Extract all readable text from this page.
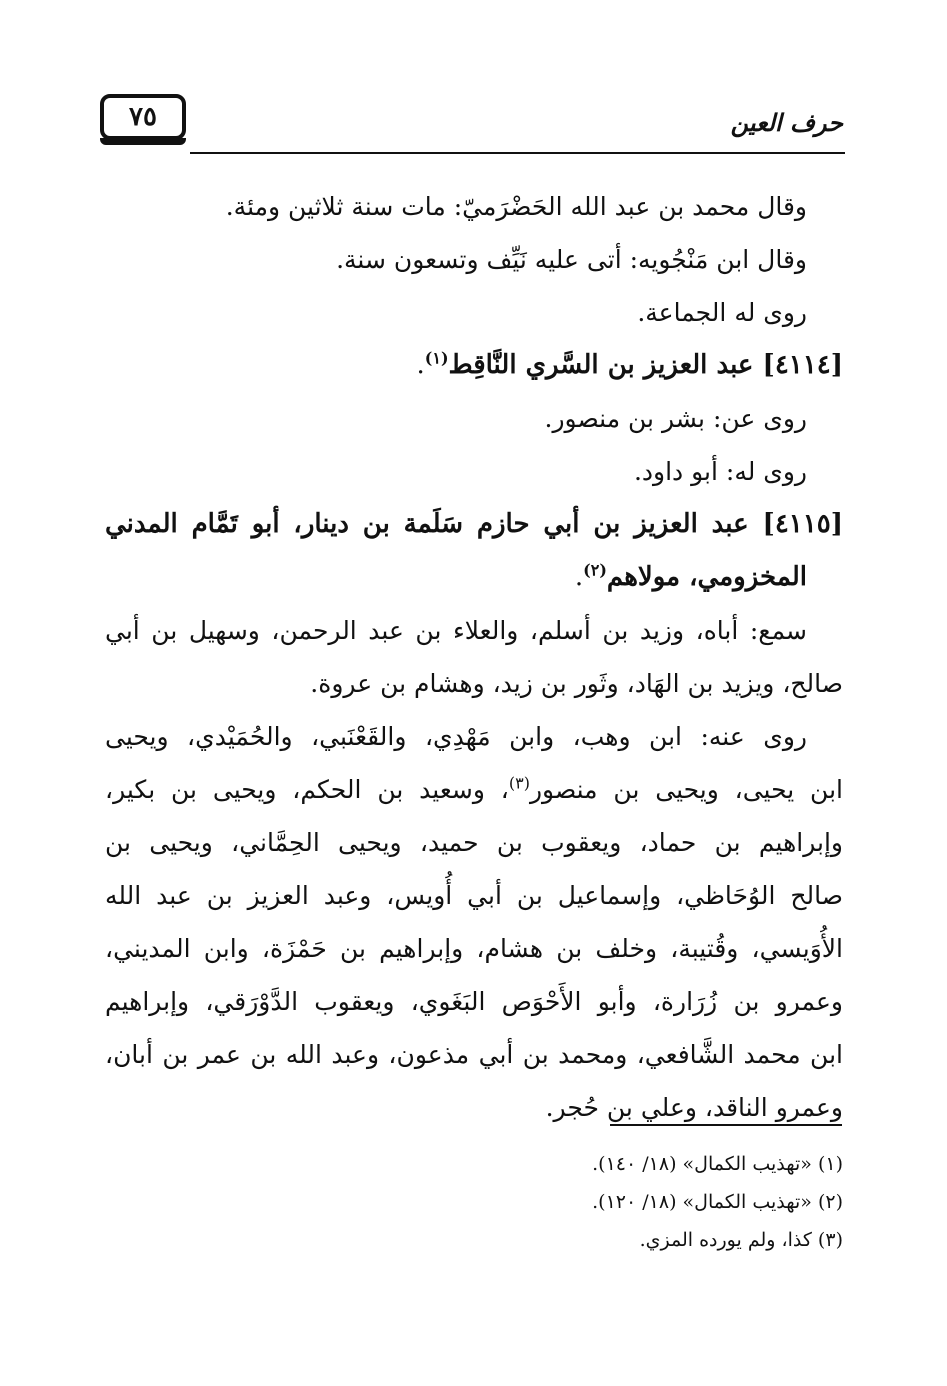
٧٥	حرف العين
وقال محمد بن عبد الله الحَضْرَميّ: مات سنة ثلاثين ومئة.
وقال ابن مَنْجُويه: أتى عليه نَيِّف وتسعون سنة.
روى له الجماعة.
[٤١١٤] عبد العزيز بن السَّري النَّاقِط$^{(١)}$.
روى عن: بشر بن منصور.
روى له: أبو داود.
[٤١١٥] عبد العزيز بن أبي حازم سَلَمة بن دينار، أبو تَمَّام المدني
المخزومي، مولاهم$^{(٢)}$.
سمع: أباه، وزيد بن أسلم، والعلاء بن عبد الرحمن، وسهيل بن أبي
صالح، ويزيد بن الهَاد، وثَور بن زيد، وهشام بن عروة.
روى عنه: ابن وهب، وابن مَهْدِي، والقَعْنَبي، والحُمَيْدي، ويحيى
ابن يحيى، ويحيى بن منصور$^{(٣)}$، وسعيد بن الحكم، ويحيى بن بكير،
وإبراهيم بن حماد، ويعقوب بن حميد، ويحيى الحِمَّاني، ويحيى بن
صالح الوُحَاظي، وإسماعيل بن أبي أُويس، وعبد العزيز بن عبد الله
الأُوَيسي، وقُتيبة، وخلف بن هشام، وإبراهيم بن حَمْزَة، وابن المديني،
وعمرو بن زُرَارة، وأبو الأَحْوَص البَغَوي، ويعقوب الدَّوْرَقي، وإبراهيم
ابن محمد الشَّافعي، ومحمد بن أبي مذعون، وعبد الله بن عمر بن أبان،
وعمرو الناقد، وعلي بن حُجر.
(١) «تهذيب الكمال» (١٨/ ١٤٠).
(٢) «تهذيب الكمال» (١٨/ ١٢٠).
(٣) كذا، ولم يورده المزي.
